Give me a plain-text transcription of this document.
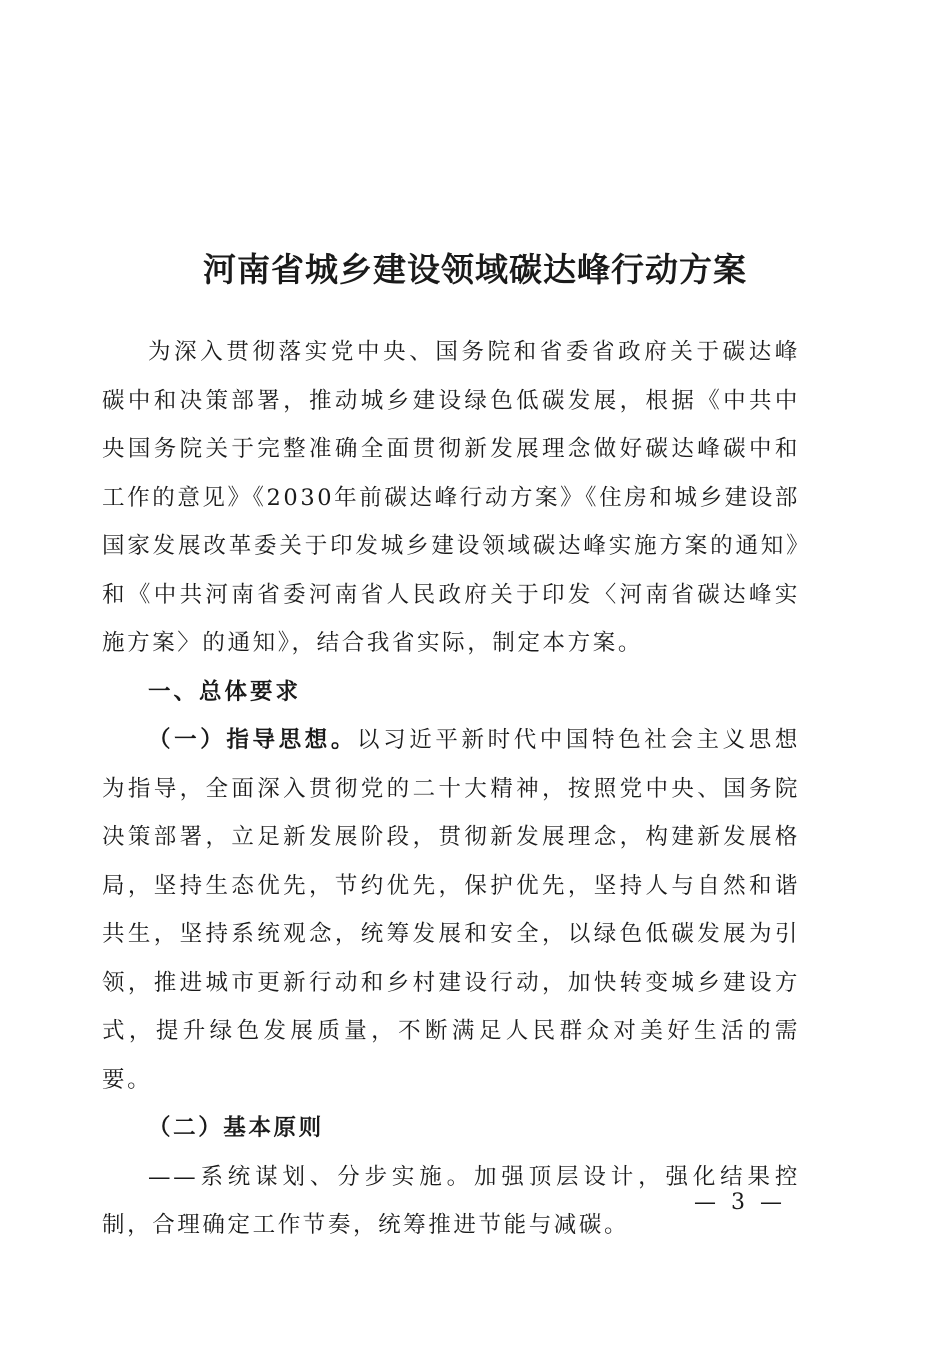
河南省城乡建设领域碳达峰行动方案

为深入贯彻落实党中央、国务院和省委省政府关于碳达峰碳中和决策部署，推动城乡建设绿色低碳发展，根据《中共中央国务院关于完整准确全面贯彻新发展理念做好碳达峰碳中和工作的意见》《2030年前碳达峰行动方案》《住房和城乡建设部 国家发展改革委关于印发城乡建设领域碳达峰实施方案的通知》和《中共河南省委河南省人民政府关于印发〈河南省碳达峰实施方案〉的通知》，结合我省实际，制定本方案。

一、总体要求

（一）指导思想。以习近平新时代中国特色社会主义思想为指导，全面深入贯彻党的二十大精神，按照党中央、国务院决策部署，立足新发展阶段，贯彻新发展理念，构建新发展格局，坚持生态优先，节约优先，保护优先，坚持人与自然和谐共生，坚持系统观念，统筹发展和安全，以绿色低碳发展为引领，推进城市更新行动和乡村建设行动，加快转变城乡建设方式，提升绿色发展质量，不断满足人民群众对美好生活的需要。

（二）基本原则

——系统谋划、分步实施。加强顶层设计，强化结果控制，合理确定工作节奏，统筹推进节能与减碳。

— 3 —
